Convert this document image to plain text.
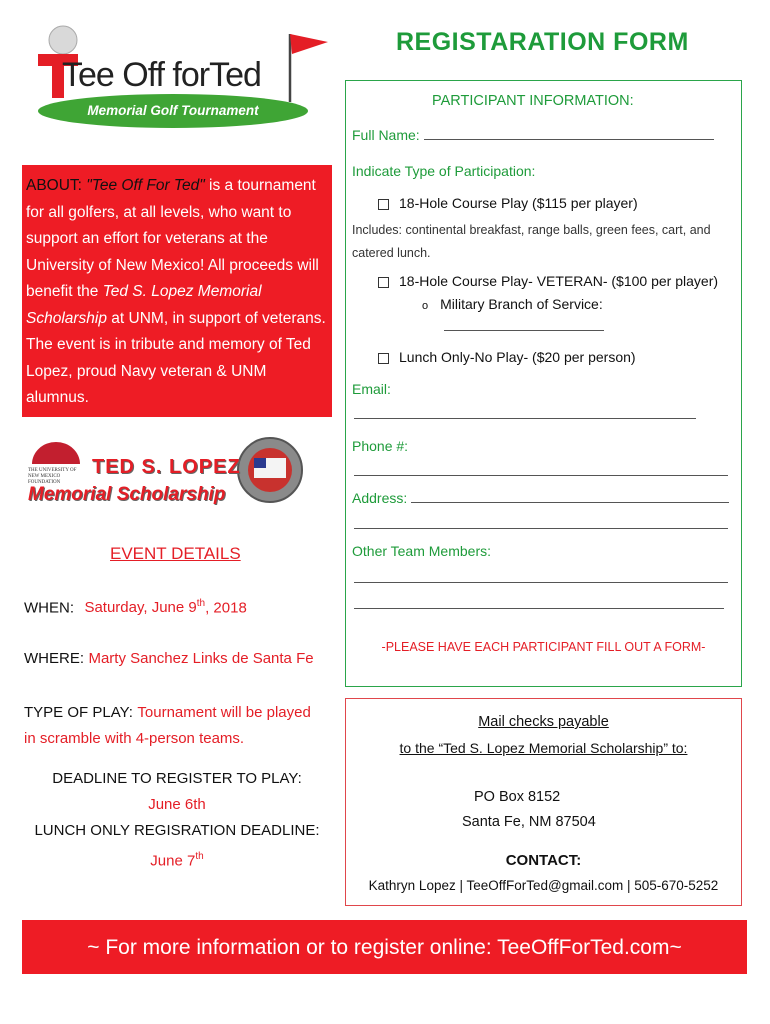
Tee Off forTed
Memorial Golf Tournament
ABOUT: "Tee Off For Ted" is a tournament for all golfers, at all levels, who want to support an effort for veterans at the University of New Mexico! All proceeds will benefit the Ted S. Lopez Memorial Scholarship at UNM, in support of veterans. The event is in tribute and memory of Ted Lopez, proud Navy veteran & UNM alumnus.
THE UNIVERSITY OF NEW MEXICO FOUNDATION
TED S. LOPEZ
Memorial Scholarship
EVENT DETAILS
WHEN: Saturday, June 9th, 2018
WHERE: Marty Sanchez Links de Santa Fe
TYPE OF PLAY: Tournament will be played
in scramble with 4-person teams.
DEADLINE TO REGISTER TO PLAY:
June 6th
LUNCH ONLY REGISRATION DEADLINE:
June 7th
REGISTARATION FORM
PARTICIPANT INFORMATION:
Full Name:
Indicate Type of Participation:
18-Hole Course Play ($115 per player)
Includes: continental breakfast, range balls, green fees, cart, and catered lunch.
18-Hole Course Play- VETERAN- ($100 per player)
o Military Branch of Service:
Lunch Only-No Play- ($20 per person)
Email:
Phone #:
Address:
Other Team Members:
-PLEASE HAVE EACH PARTICIPANT FILL OUT A FORM-
Mail checks payable
to the “Ted S. Lopez Memorial Scholarship” to:
PO Box 8152
Santa Fe, NM 87504
CONTACT:
Kathryn Lopez | TeeOffForTed@gmail.com | 505-670-5252
~ For more information or to register online: TeeOffForTed.com~
